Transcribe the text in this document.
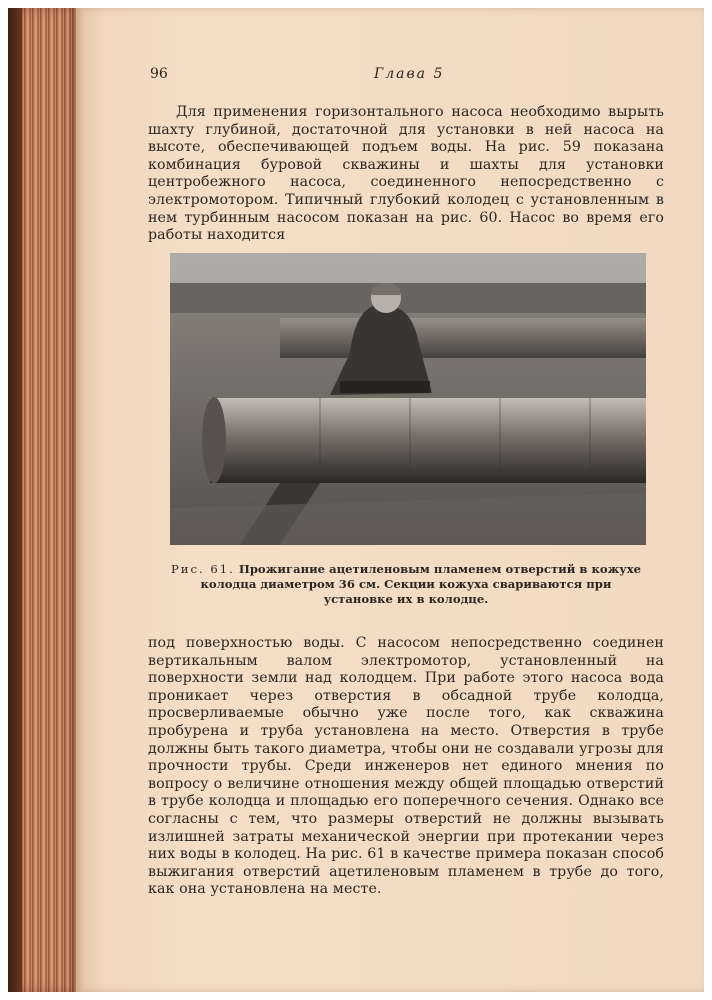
96	Глава 5
Для применения горизонтального насоса необходимо вырыть шахту глубиной, достаточной для установки в ней насоса на высоте, обеспечивающей подъем воды. На рис. 59 показана комбинация буровой скважины и шахты для установки центробежного насоса, соединенного непосредственно с электромотором. Типичный глубокий колодец с установленным в нем турбинным насосом показан на рис. 60. Насос во время его работы находится
Рис. 61. Прожигание ацетиленовым пламенем отверстий в кожухе колодца диаметром 36 см. Секции кожуха свариваются при установке их в колодце.
под поверхностью воды. С насосом непосредственно соединен вертикальным валом электромотор, установленный на поверхности земли над колодцем. При работе этого насоса вода проникает через отверстия в обсадной трубе колодца, просверливаемые обычно уже после того, как скважина пробурена и труба установлена на место. Отверстия в трубе должны быть такого диаметра, чтобы они не создавали угрозы для прочности трубы. Среди инженеров нет единого мнения по вопросу о величине отношения между общей площадью отверстий в трубе колодца и площадью его поперечного сечения. Однако все согласны с тем, что размеры отверстий не должны вызывать излишней затраты механической энергии при протекании через них воды в колодец. На рис. 61 в качестве примера показан способ выжигания отверстий ацетиленовым пламенем в трубе до того, как она установлена на месте.
